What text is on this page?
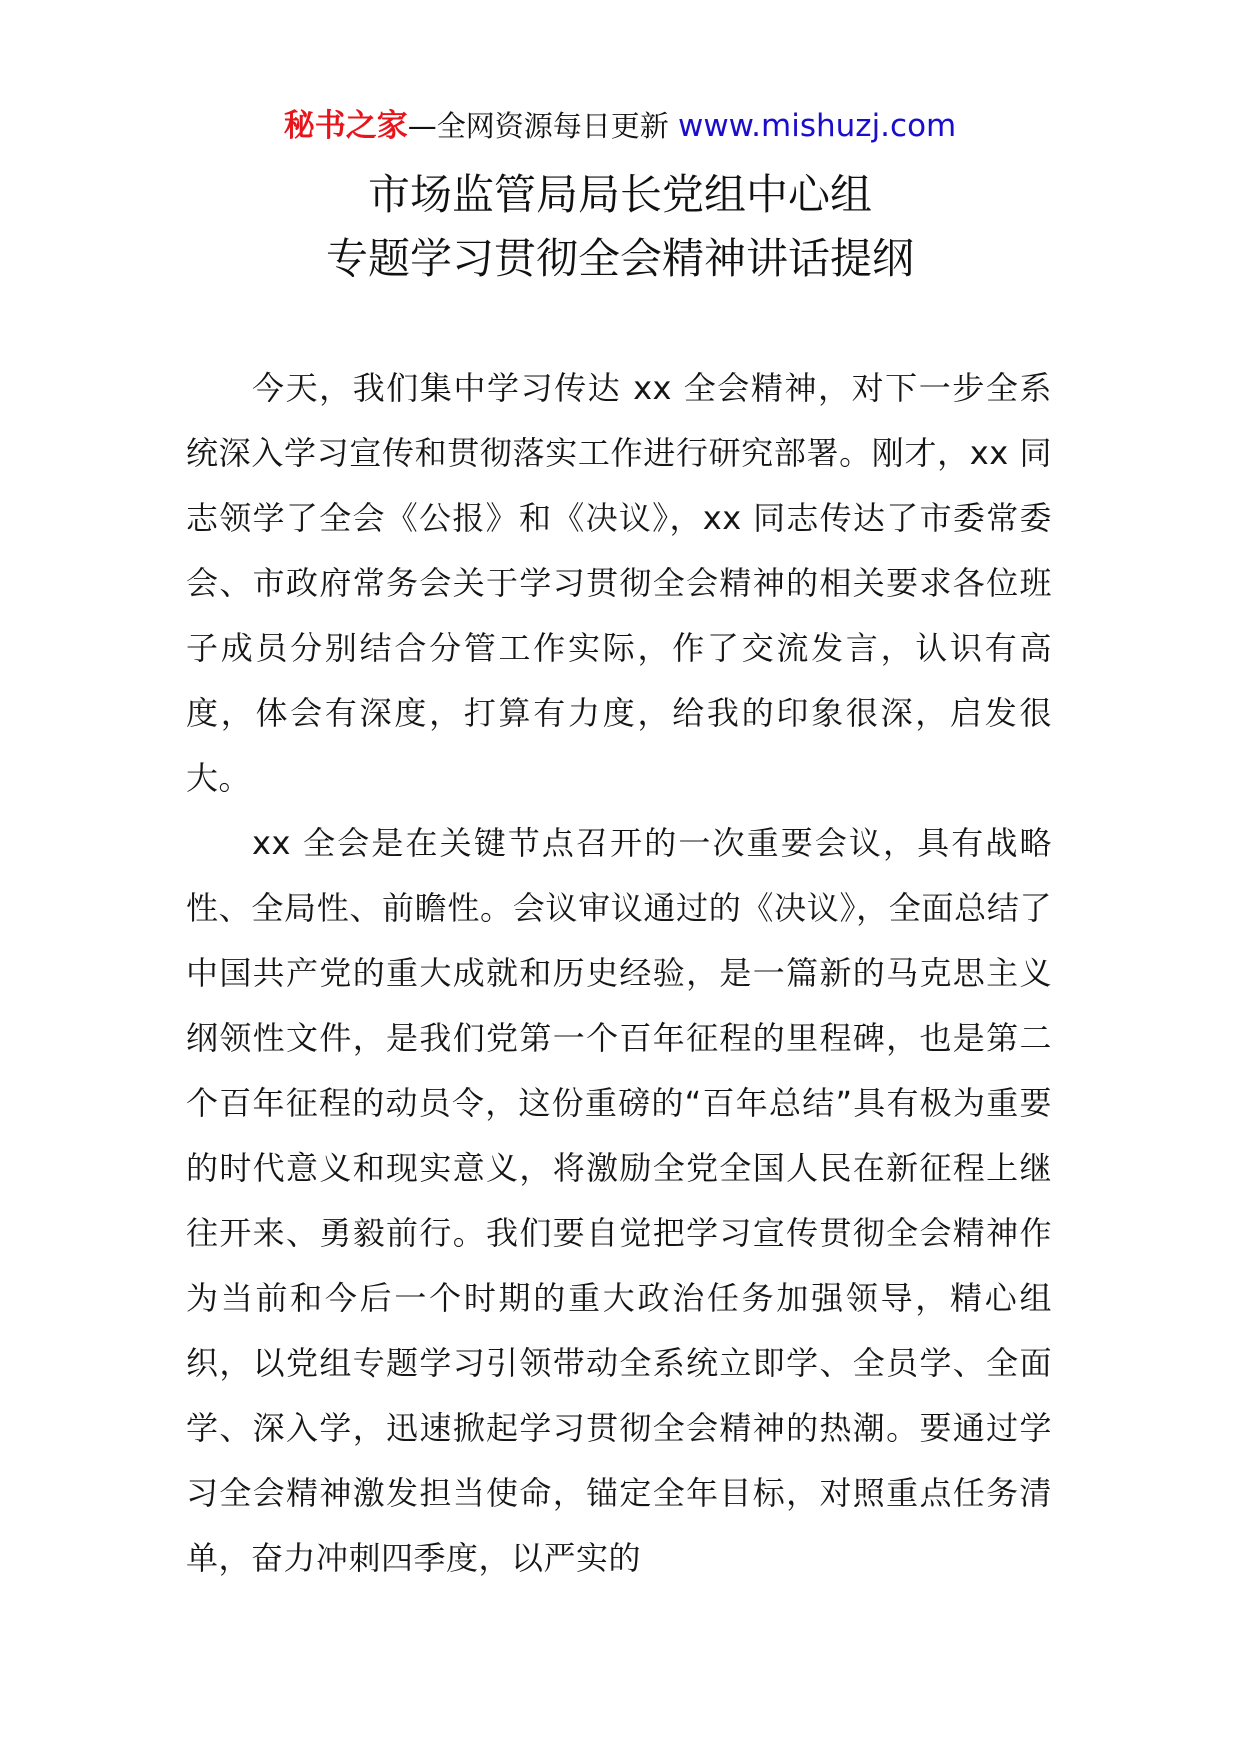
秘书之家—全网资源每日更新 www.mishuzj.com
市场监管局局长党组中心组
专题学习贯彻全会精神讲话提纲

今天，我们集中学习传达 xx 全会精神，对下一步全系统深入学习宣传和贯彻落实工作进行研究部署。刚才，xx 同志领学了全会《公报》和《决议》，xx 同志传达了市委常委会、市政府常务会关于学习贯彻全会精神的相关要求各位班子成员分别结合分管工作实际，作了交流发言，认识有高度，体会有深度，打算有力度，给我的印象很深，启发很大。

xx 全会是在关键节点召开的一次重要会议，具有战略性、全局性、前瞻性。会议审议通过的《决议》，全面总结了中国共产党的重大成就和历史经验，是一篇新的马克思主义纲领性文件，是我们党第一个百年征程的里程碑，也是第二个百年征程的动员令，这份重磅的“百年总结”具有极为重要的时代意义和现实意义，将激励全党全国人民在新征程上继往开来、勇毅前行。我们要自觉把学习宣传贯彻全会精神作为当前和今后一个时期的重大政治任务加强领导，精心组织，以党组专题学习引领带动全系统立即学、全员学、全面学、深入学，迅速掀起学习贯彻全会精神的热潮。要通过学习全会精神激发担当使命，锚定全年目标，对照重点任务清单，奋力冲刺四季度，以严实的
